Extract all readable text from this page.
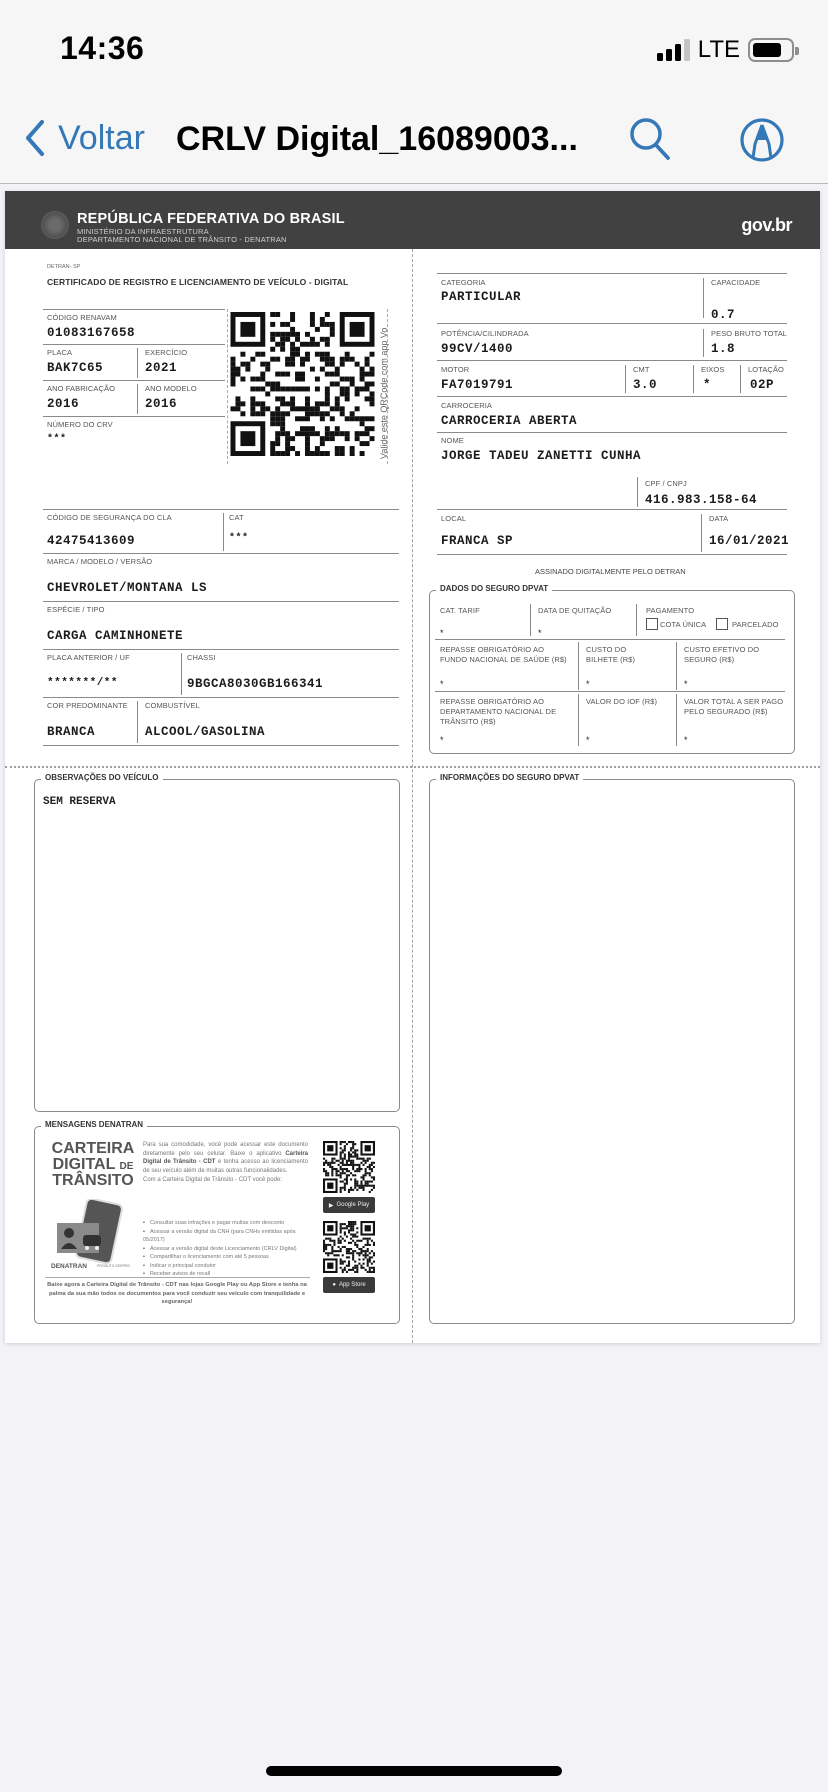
14:36	LTE
Voltar CRLV Digital_16089003...
REPÚBLICA FEDERATIVA DO BRASIL
MINISTÉRIO DA INFRAESTRUTURA
DEPARTAMENTO NACIONAL DE TRÂNSITO - DENATRAN
gov.br
DETRAN- SP
CERTIFICADO DE REGISTRO E LICENCIAMENTO DE VEÍCULO - DIGITAL
CÓDIGO RENAVAM
01083167658
PLACA
BAK7C65
EXERCÍCIO
2021
ANO FABRICAÇÃO
2016
ANO MODELO
2016
NÚMERO DO CRV
***	Valide este QRCode com app Vo
CÓDIGO DE SEGURANÇA DO CLA
42475413609
CAT
***
MARCA / MODELO / VERSÃO
CHEVROLET/MONTANA LS
ESPÉCIE / TIPO
CARGA CAMINHONETE
PLACA ANTERIOR / UF
*******/**
CHASSI
9BGCA8030GB166341
COR PREDOMINANTE
BRANCA
COMBUSTÍVEL
ALCOOL/GASOLINA
CATEGORIA
PARTICULAR
CAPACIDADE
0.7
POTÊNCIA/CILINDRADA
99CV/1400
PESO BRUTO TOTAL
1.8
MOTOR
FA7019791
CMT
3.0
EIXOS
*
LOTAÇÃO
02P
CARROCERIA
CARROCERIA ABERTA
NOME
JORGE TADEU ZANETTI CUNHA
CPF / CNPJ
416.983.158-64
LOCAL
FRANCA SP
DATA
16/01/2021
ASSINADO DIGITALMENTE PELO DETRAN
DADOS DO SEGURO DPVAT
CAT. TARIF
*
DATA DE QUITAÇÃO
*
PAGAMENTO
COTA ÚNICA	PARCELADO
REPASSE OBRIGATÓRIO AO FUNDO NACIONAL DE SAÚDE (R$)
*
CUSTO DO BILHETE (R$)
*
CUSTO EFETIVO DO SEGURO (R$)
*
REPASSE OBRIGATÓRIO AO DEPARTAMENTO NACIONAL DE TRÂNSITO (R$)
*
VALOR DO IOF (R$)
*
VALOR TOTAL A SER PAGO PELO SEGURADO (R$)
*
OBSERVAÇÕES DO VEÍCULO
SEM RESERVA
INFORMAÇÕES DO SEGURO DPVAT
MENSAGENS DENATRAN
CARTEIRA
DIGITAL DE
TRÂNSITO
DENATRAN	PRODUTO SERPRO
Para sua comodidade, você pode acessar este documento diretamente pelo seu celular. Baixe o aplicativo Carteira Digital de Trânsito - CDT e tenha acesso ao licenciamento de seu veículo além de muitas outras funcionalidades.
Com a Carteira Digital de Trânsito - CDT você pode:
• Consultar suas infrações e pagar multas com desconto
• Acessar a versão digital da CNH (para CNHs emitidas após 05/2017)
• Acessar a versão digital deste Licenciamento (CRLV Digital)
• Compartilhar o licenciamento com até 5 pessoas
• Indicar o principal condutor
• Receber avisos de recall
Baixe agora a Carteira Digital de Trânsito - CDT nas lojas Google Play ou App Store e tenha na palma da sua mão todos os documentos para você conduzir seu veículo com tranquilidade e segurança!
▶ Google Play
● App Store
